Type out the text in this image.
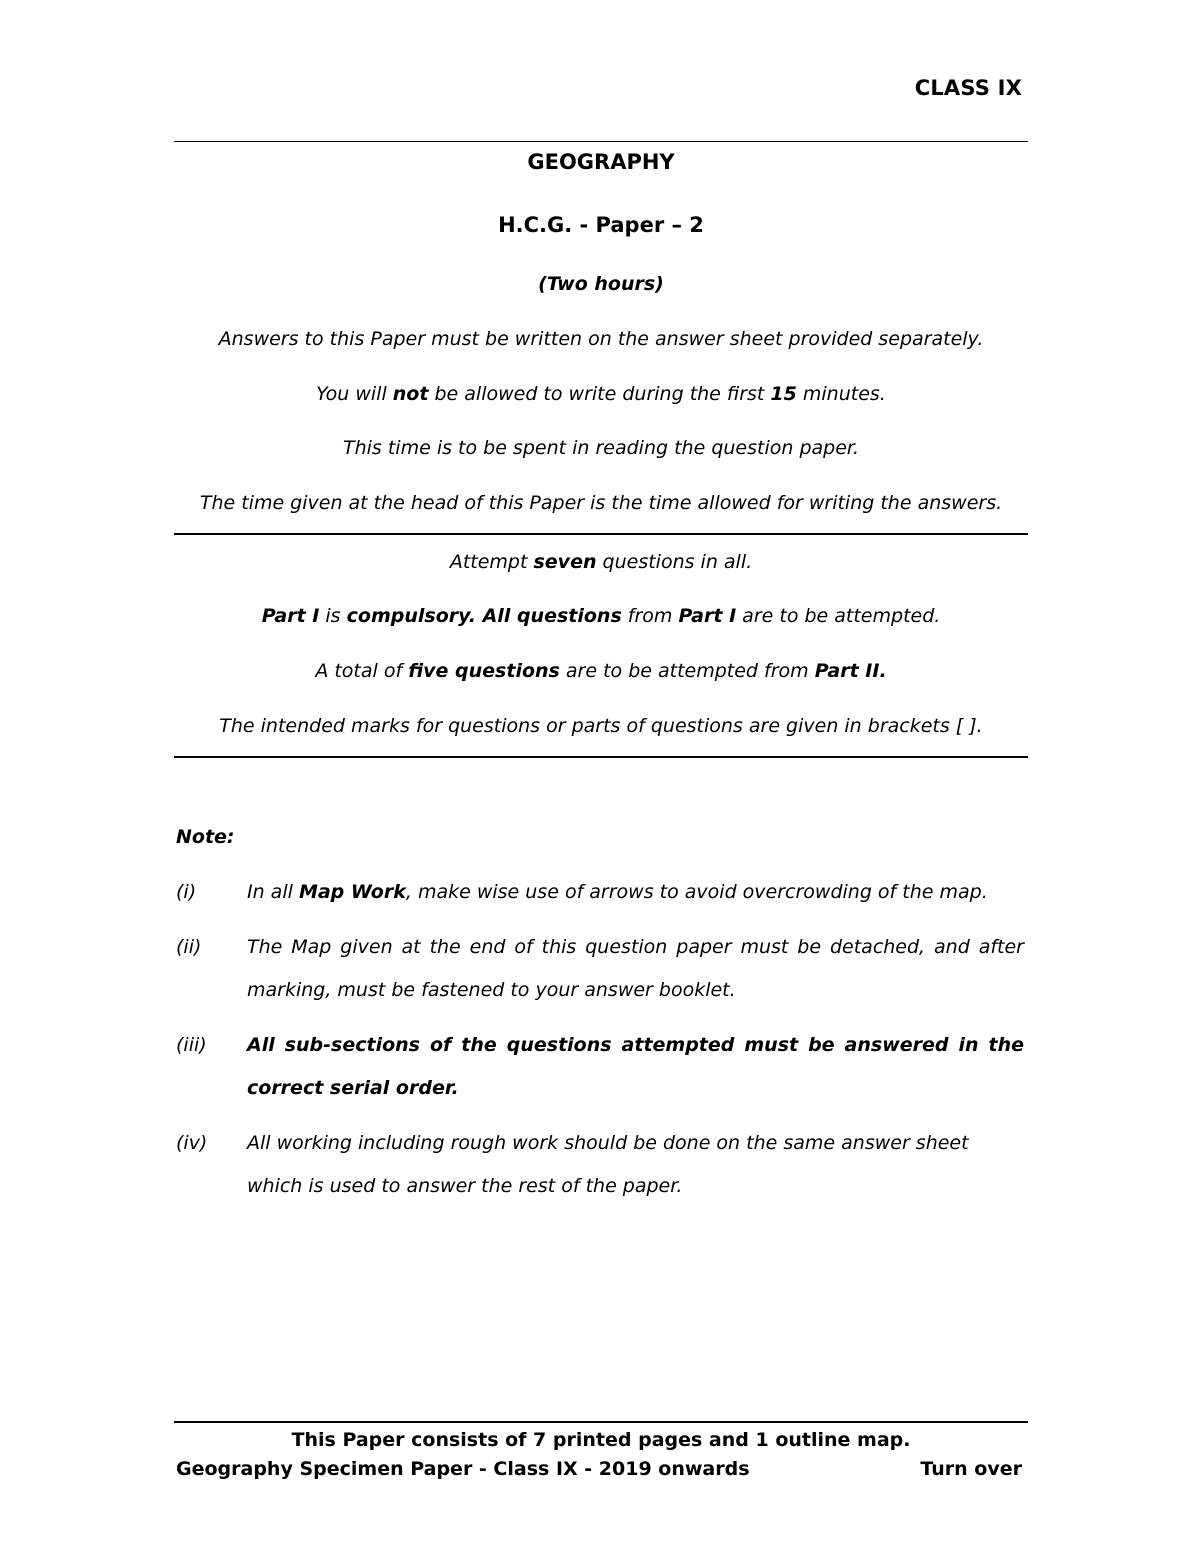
CLASS IX
GEOGRAPHY
H.C.G. - Paper – 2
(Two hours)
Answers to this Paper must be written on the answer sheet provided separately.
You will not be allowed to write during the first 15 minutes.
This time is to be spent in reading the question paper.
The time given at the head of this Paper is the time allowed for writing the answers.
Attempt seven questions in all.
Part I is compulsory. All questions from Part I are to be attempted.
A total of five questions are to be attempted from Part II.
The intended marks for questions or parts of questions are given in brackets [ ].
Note:
(i)	In all Map Work, make wise use of arrows to avoid overcrowding of the map.
(ii)	The Map given at the end of this question paper must be detached, and after marking, must be fastened to your answer booklet.
(iii)	All sub-sections of the questions attempted must be answered in the correct serial order.
(iv)	All working including rough work should be done on the same answer sheet
which is used to answer the rest of the paper.
This Paper consists of 7 printed pages and 1 outline map.
Geography Specimen Paper - Class IX - 2019 onwards	Turn over
